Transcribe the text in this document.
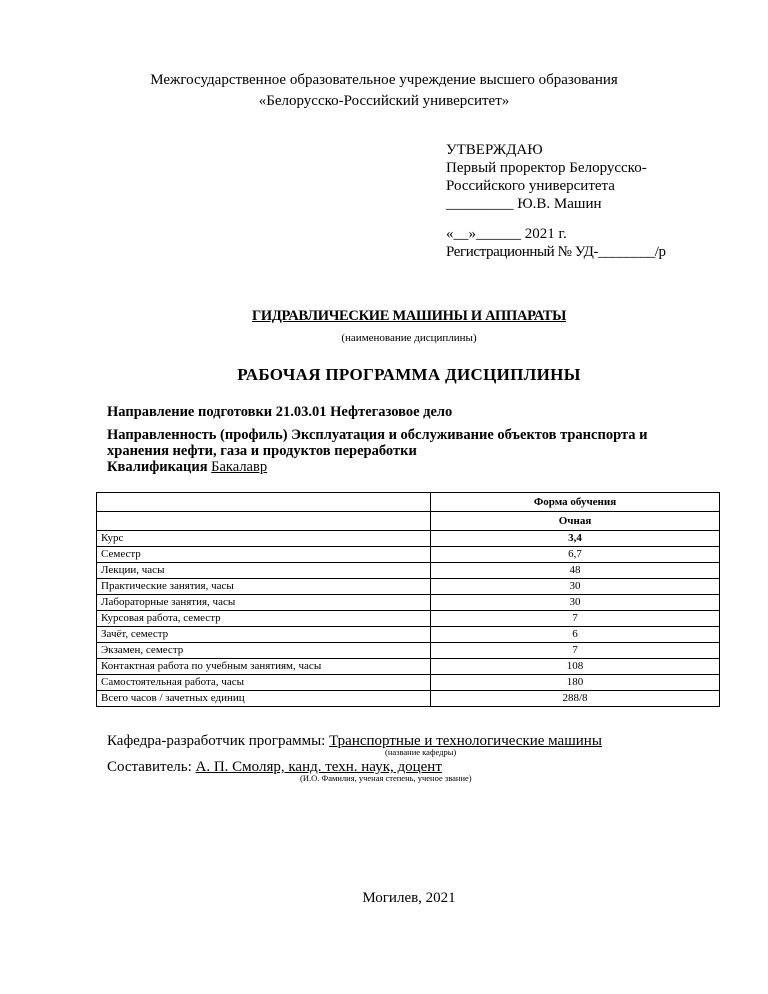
Межгосударственное образовательное учреждение высшего образования
«Белорусско-Российский университет»
УТВЕРЖДАЮ
Первый проректор Белорусско-
Российского университета
_________ Ю.В. Машин
«__»______ 2021 г.
Регистрационный № УД-________/р
ГИДРАВЛИЧЕСКИЕ МАШИНЫ И АППАРАТЫ
(наименование дисциплины)
РАБОЧАЯ ПРОГРАММА ДИСЦИПЛИНЫ
Направление подготовки 21.03.01 Нефтегазовое дело
Направленность (профиль) Эксплуатация и обслуживание объектов транспорта и
хранения нефти, газа и продуктов переработки
Квалификация Бакалавр
	Форма обучения
	Очная
Курс	3,4
Семестр	6,7
Лекции, часы	48
Практические занятия, часы	30
Лабораторные занятия, часы	30
Курсовая работа, семестр	7
Зачёт, семестр	6
Экзамен, семестр	7
Контактная работа по учебным занятиям, часы	108
Самостоятельная работа, часы	180
Всего часов / зачетных единиц	288/8
Кафедра-разработчик программы: Транспортные и технологические машины
(название кафедры)
Составитель: А. П. Смоляр, канд. техн. наук, доцент
(И.О. Фамилия, ученая степень, ученое звание)
Могилев, 2021
